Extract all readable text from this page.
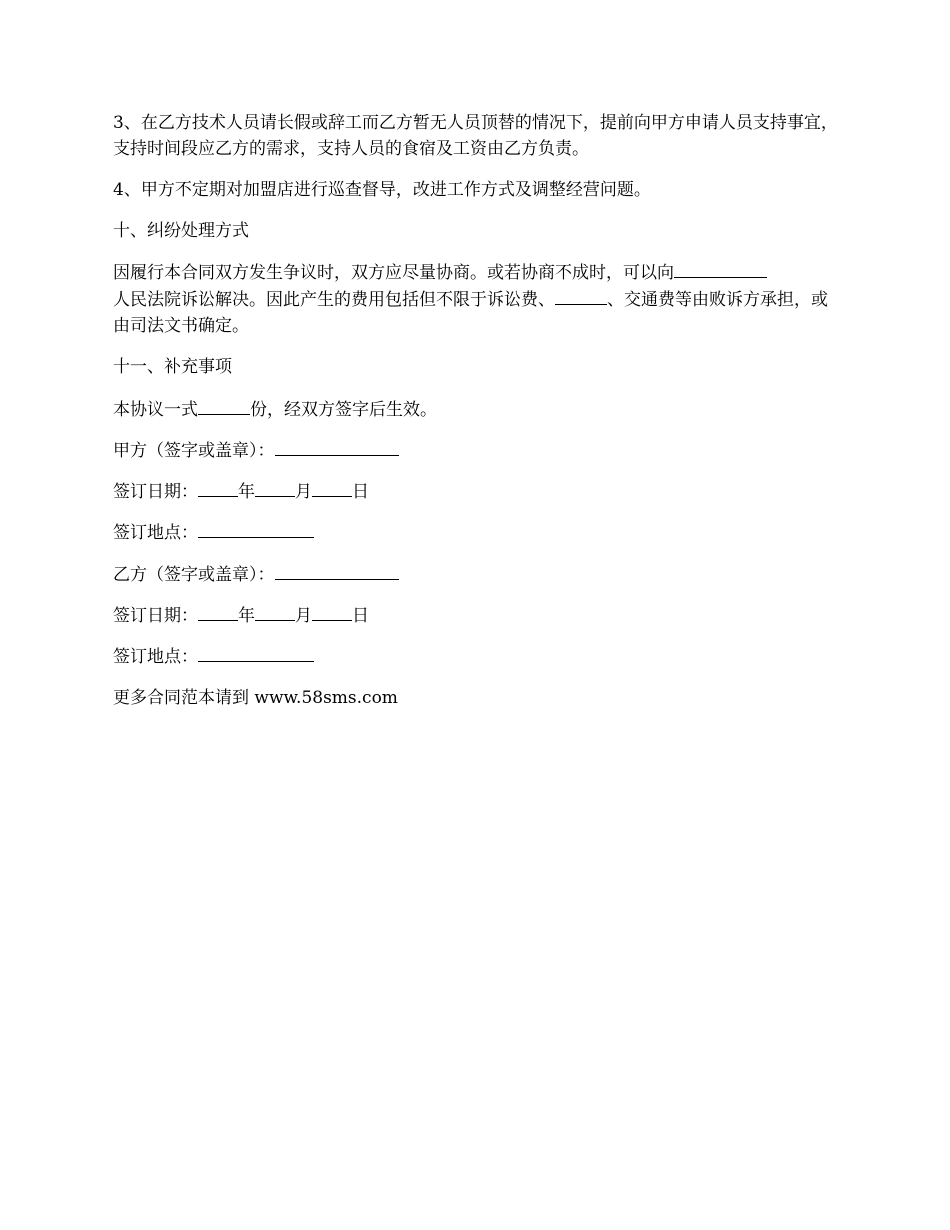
3、在乙方技术人员请长假或辞工而乙方暂无人员顶替的情况下，提前向甲方申请人员支持事宜，支持时间段应乙方的需求，支持人员的食宿及工资由乙方负责。

4、甲方不定期对加盟店进行巡查督导，改进工作方式及调整经营问题。

十、纠纷处理方式

因履行本合同双方发生争议时，双方应尽量协商。或若协商不成时，可以向
人民法院诉讼解决。因此产生的费用包括但不限于诉讼费、	、交通费等由败诉方承担，或由司法文书确定。

十一、补充事项
本协议一式	份，经双方签字后生效。
甲方（签字或盖章）：
签订日期： 年 月 日
签订地点：
乙方（签字或盖章）：
签订日期： 年 月 日
签订地点：
更多合同范本请到 www.58sms.com
